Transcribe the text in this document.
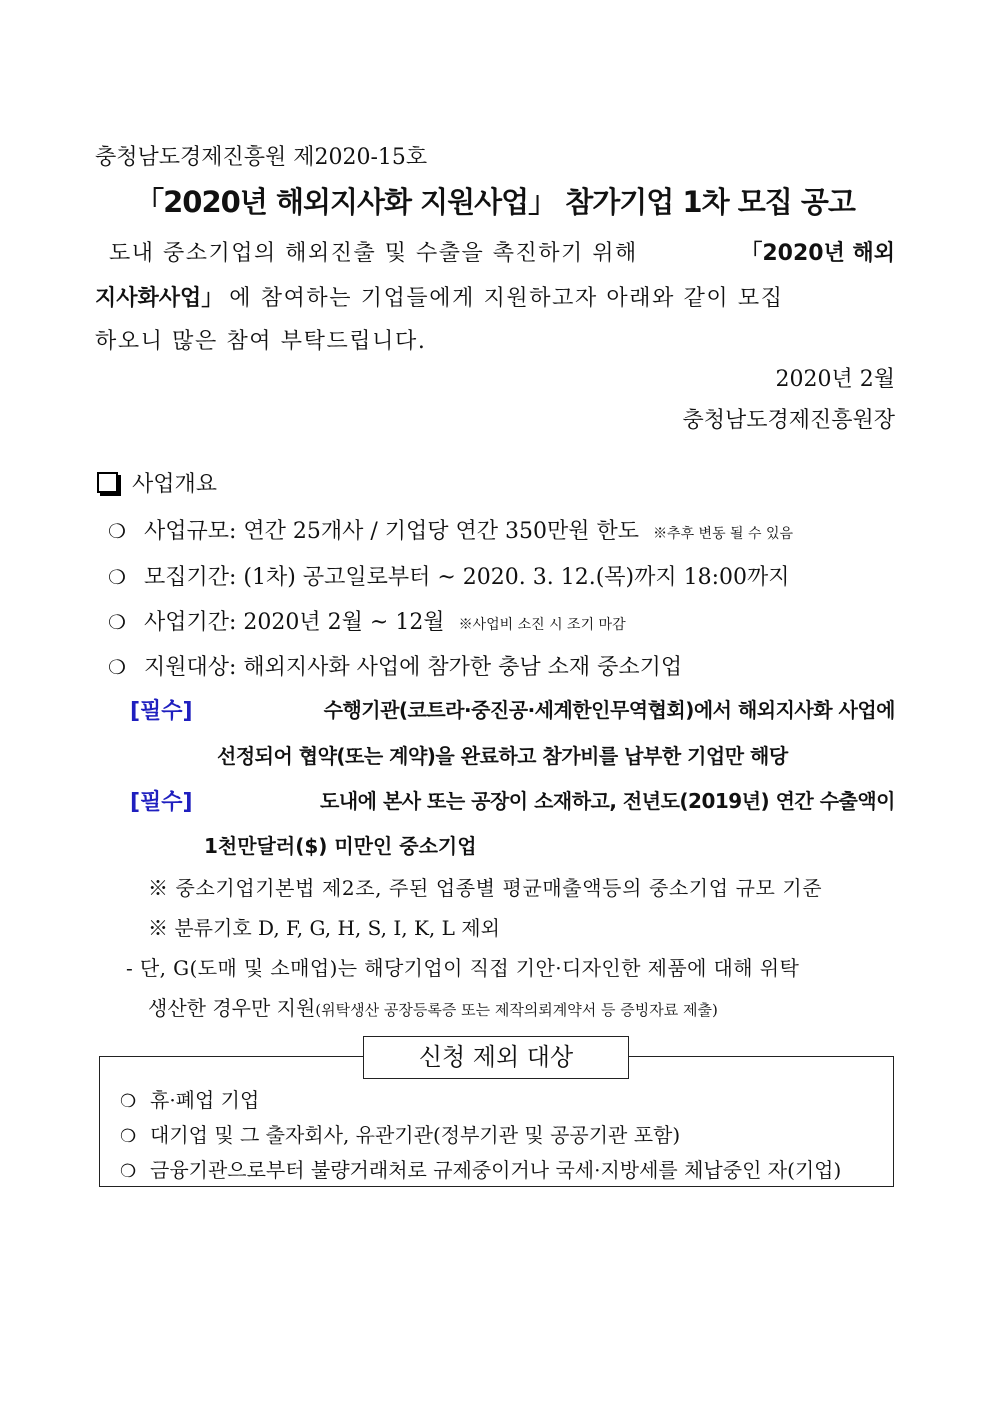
충청남도경제진흥원 제2020-15호
「2020년 해외지사화 지원사업」 참가기업 1차 모집 공고
도내 중소기업의 해외진출 및 수출을 촉진하기 위해	「2020년 해외
지사화사업」 에 참여하는 기업들에게 지원하고자 아래와 같이 모집
하오니 많은 참여 부탁드립니다.
2020년 2월
충청남도경제진흥원장
사업개요
❍ 사업규모: 연간 25개사 / 기업당 연간 350만원 한도 ※추후 변동 될 수 있음
❍ 모집기간: (1차) 공고일로부터 ~ 2020. 3. 12.(목)까지 18:00까지
❍ 사업기간: 2020년 2월 ~ 12월 ※사업비 소진 시 조기 마감
❍ 지원대상: 해외지사화 사업에 참가한 충남 소재 중소기업
[필수]	수행기관(코트라·중진공·세계한인무역협회)에서 해외지사화 사업에
선정되어 협약(또는 계약)을 완료하고 참가비를 납부한 기업만 해당
[필수]	도내에 본사 또는 공장이 소재하고, 전년도(2019년) 연간 수출액이
1천만달러($) 미만인 중소기업
※ 중소기업기본법 제2조, 주된 업종별 평균매출액등의 중소기업 규모 기준
※ 분류기호 D, F, G, H, S, I, K, L 제외
- 단, G(도매 및 소매업)는 해당기업이 직접 기안·디자인한 제품에 대해 위탁
생산한 경우만 지원(위탁생산 공장등록증 또는 제작의뢰계약서 등 증빙자료 제출)
신청 제외 대상
❍ 휴·폐업 기업
❍ 대기업 및 그 출자회사, 유관기관(정부기관 및 공공기관 포함)
❍ 금융기관으로부터 불량거래처로 규제중이거나 국세·지방세를 체납중인 자(기업)
